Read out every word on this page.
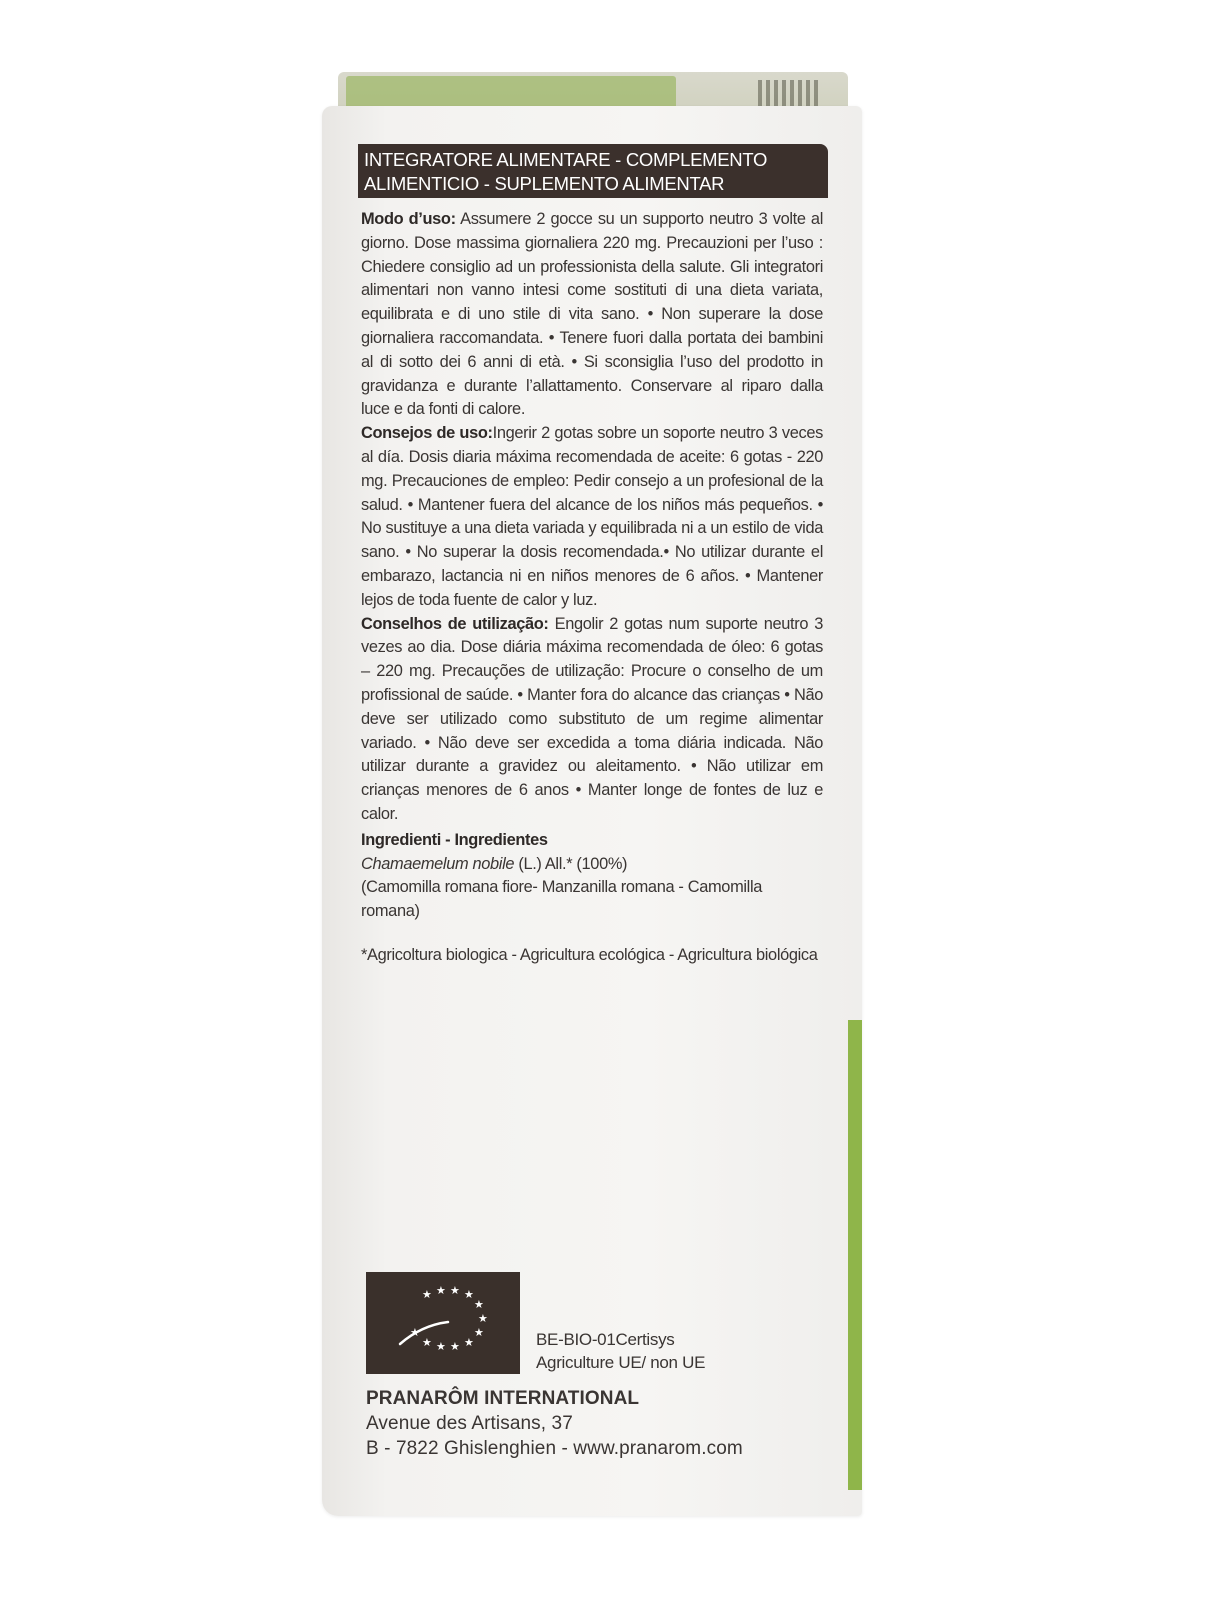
INTEGRATORE ALIMENTARE - COMPLEMENTO
ALIMENTICIO - SUPLEMENTO ALIMENTAR

Modo d’uso: Assumere 2 gocce su un supporto neutro 3 volte al giorno. Dose massima giornaliera 220 mg. Precauzioni per l’uso : Chiedere consiglio ad un professionista della salute. Gli integratori alimentari non vanno intesi come sostituti di una dieta variata, equilibrata e di uno stile di vita sano. • Non superare la dose giornaliera raccomandata. • Tenere fuori dalla portata dei bambini al di sotto dei 6 anni di età. • Si sconsiglia l’uso del prodotto in gravidanza e durante l’allattamento. Conservare al riparo dalla luce e da fonti di calore.

Consejos de uso:Ingerir 2 gotas sobre un soporte neutro 3 veces al día. Dosis diaria máxima recomendada de aceite: 6 gotas - 220 mg. Precauciones de empleo: Pedir consejo a un profesional de la salud. • Mantener fuera del alcance de los niños más pequeños. • No sustituye a una dieta variada y equilibrada ni a un estilo de vida sano. • No superar la dosis recomendada.• No utilizar durante el embarazo, lactancia ni en niños menores de 6 años. • Mantener lejos de toda fuente de calor y luz.

Conselhos de utilização: Engolir 2 gotas num suporte neutro 3 vezes ao dia. Dose diária máxima recomendada de óleo: 6 gotas – 220 mg. Precauções de utilização: Procure o conselho de um profissional de saúde. • Manter fora do alcance das crianças • Não deve ser utilizado como substituto de um regime alimentar variado. • Não deve ser excedida a toma diária indicada. Não utilizar durante a gravidez ou aleitamento. • Não utilizar em crianças menores de 6 anos • Manter longe de fontes de luz e calor.

Ingredienti - Ingredientes
Chamaemelum nobile (L.) All.* (100%)
(Camomilla romana fiore- Manzanilla romana - Camomilla romana)
*Agricoltura biologica - Agricultura ecológica - Agricultura biológica
★ ★ ★ ★
★
★
★
★
★
★
★
★	BE-BIO-01Certisys
Agriculture UE/ non UE
PRANARÔM INTERNATIONAL
Avenue des Artisans, 37
B - 7822 Ghislenghien - www.pranarom.com
